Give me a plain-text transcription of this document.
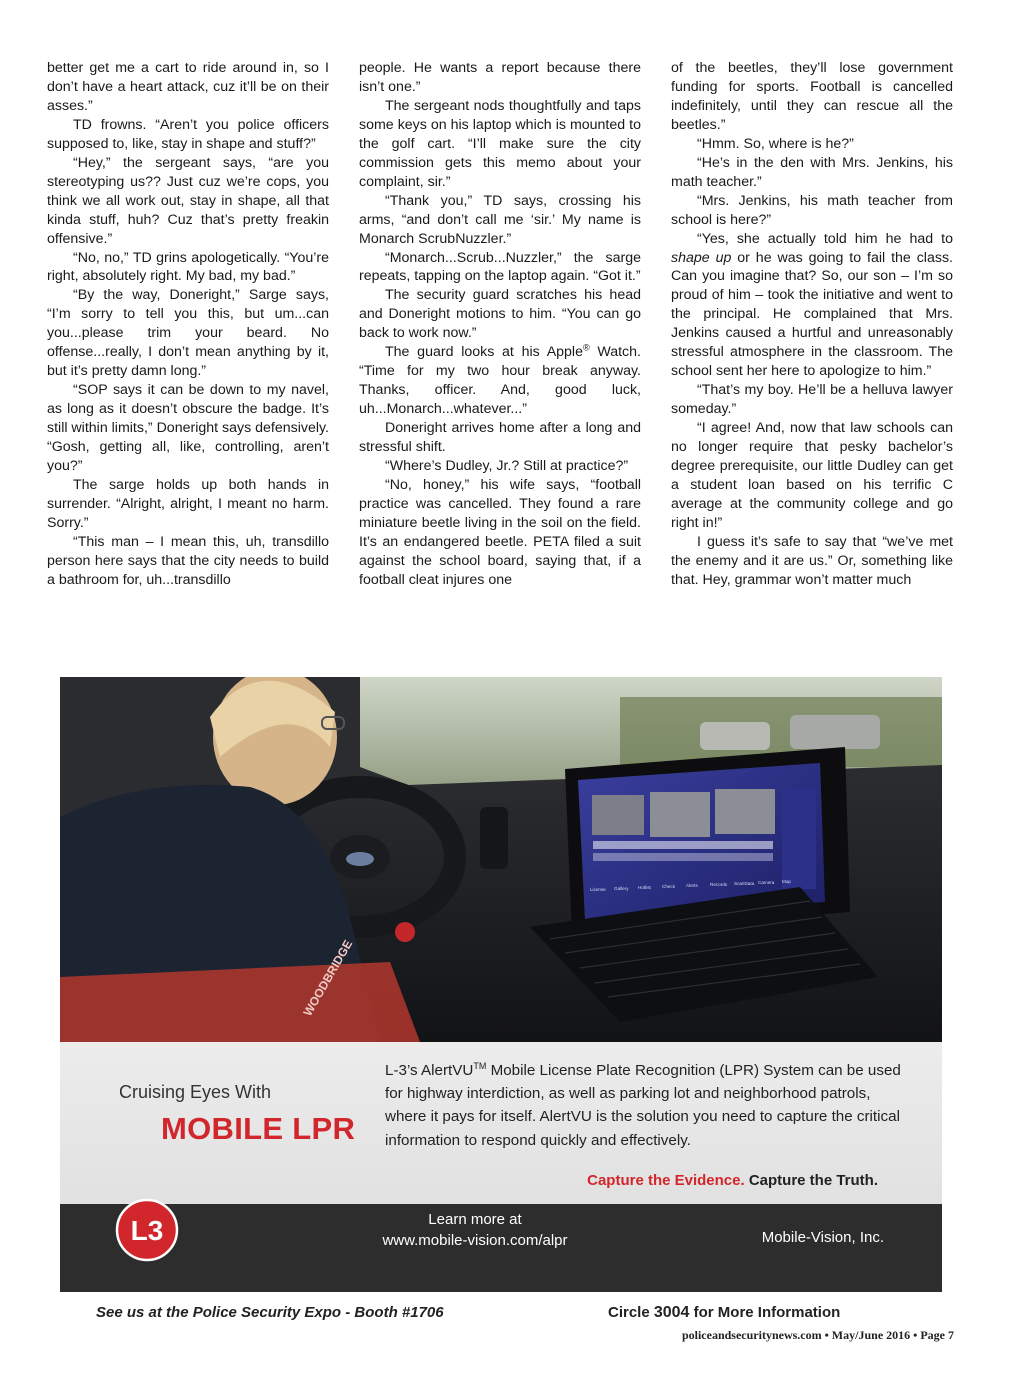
better get me a cart to ride around in, so I don’t have a heart attack, cuz it’ll be on their asses.”

TD frowns. “Aren’t you police officers supposed to, like, stay in shape and stuff?”

“Hey,” the sergeant says, “are you stereotyping us?? Just cuz we’re cops, you think we all work out, stay in shape, all that kinda stuff, huh? Cuz that’s pretty freakin offensive.”

“No, no,” TD grins apologetically. “You’re right, absolutely right. My bad, my bad.”

“By the way, Doneright,” Sarge says, “I’m sorry to tell you this, but um...can you...please trim your beard. No offense...really, I don’t mean anything by it, but it’s pretty damn long.”

“SOP says it can be down to my navel, as long as it doesn’t obscure the badge. It’s still within limits,” Doneright says defensively. “Gosh, getting all, like, controlling, aren’t you?”

The sarge holds up both hands in surrender. “Alright, alright, I meant no harm. Sorry.”

“This man – I mean this, uh, transdillo person here says that the city needs to build a bathroom for, uh...transdillo

people. He wants a report because there isn’t one.”

The sergeant nods thoughtfully and taps some keys on his laptop which is mounted to the golf cart. “I’ll make sure the city commission gets this memo about your complaint, sir.”

“Thank you,” TD says, crossing his arms, “and don’t call me ‘sir.’ My name is Monarch ScrubNuzzler.”

“Monarch...Scrub...Nuzzler,” the sarge repeats, tapping on the laptop again. “Got it.”

The security guard scratches his head and Doneright motions to him. “You can go back to work now.”

The guard looks at his Apple® Watch. “Time for my two hour break anyway. Thanks, officer. And, good luck, uh...Monarch...whatever...”

Doneright arrives home after a long and stressful shift.

“Where’s Dudley, Jr.? Still at practice?”

“No, honey,” his wife says, “football practice was cancelled. They found a rare miniature beetle living in the soil on the field. It’s an endangered beetle. PETA filed a suit against the school board, saying that, if a football cleat injures one

of the beetles, they’ll lose government funding for sports. Football is cancelled indefinitely, until they can rescue all the beetles.”

“Hmm. So, where is he?”

“He’s in the den with Mrs. Jenkins, his math teacher.”

“Mrs. Jenkins, his math teacher from school is here?”

“Yes, she actually told him he had to shape up or he was going to fail the class. Can you imagine that? So, our son – I’m so proud of him – took the initiative and went to the principal. He complained that Mrs. Jenkins caused a hurtful and unreasonably stressful atmosphere in the classroom. The school sent her here to apologize to him.”

“That’s my boy. He’ll be a helluva lawyer someday.”

“I agree! And, now that law schools can no longer require that pesky bachelor’s degree prerequisite, our little Dudley can get a student loan based on his terrific C average at the community college and go right in!”

I guess it’s safe to say that “we’ve met the enemy and it are us.” Or, something like that. Hey, grammar won’t matter much

License Gallery Hotlist Check Alerts	Records ScanData Camera Map
WOODBRIDGE
Cruising Eyes With
MOBILE LPR
L-3’s AlertVU™ Mobile License Plate Recognition (LPR) System can be used for highway interdiction, as well as parking lot and neighborhood patrols, where it pays for itself. AlertVU is the solution you need to capture the critical information to respond quickly and effectively.
Capture the Evidence. Capture the Truth.
L3	Learn more at
www.mobile-vision.com/alpr	Mobile-Vision, Inc.
See us at the Police Security Expo - Booth #1706	Circle 3004 for More Information
policeandsecuritynews.com • May/June 2016 • Page 7
